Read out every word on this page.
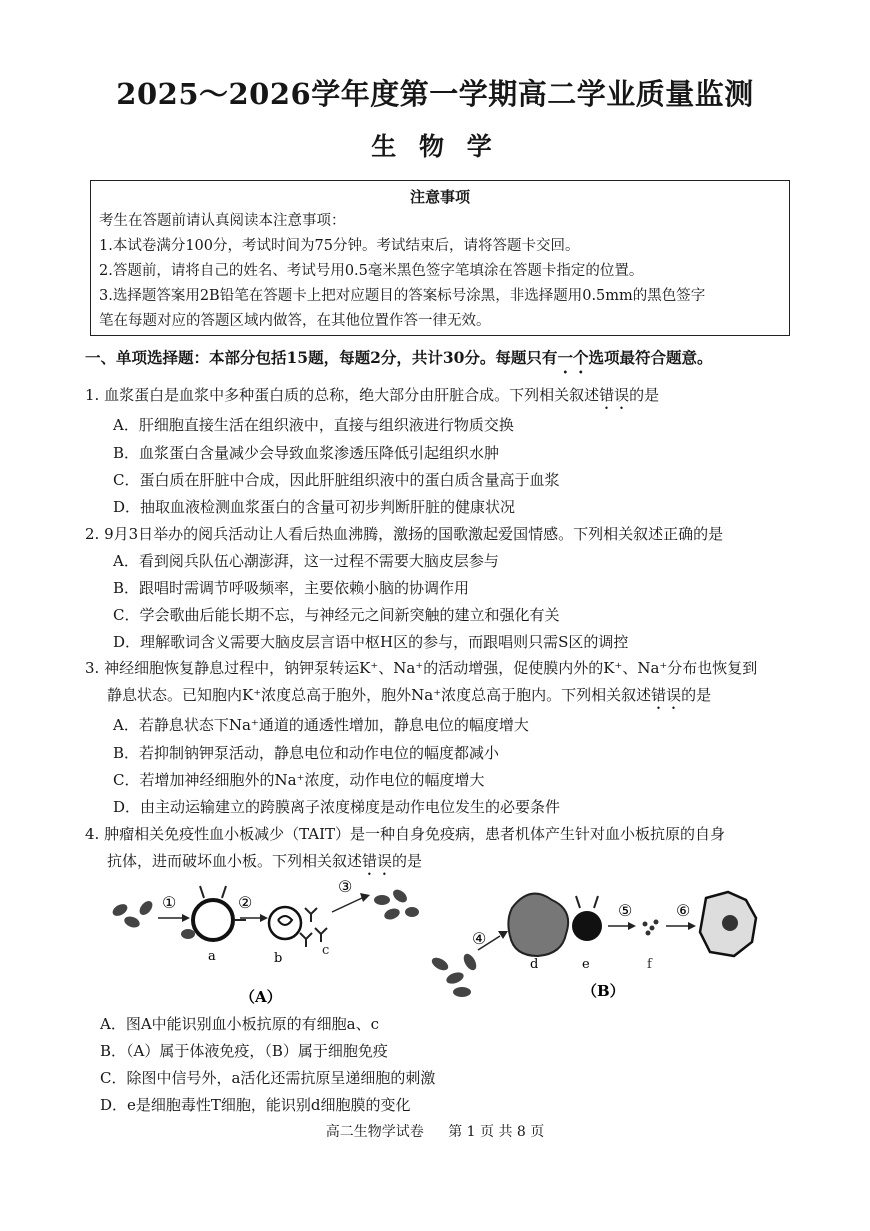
2025～2026学年度第一学期高二学业质量监测
生 物 学
注意事项
考生在答题前请认真阅读本注意事项：
1.本试卷满分100分，考试时间为75分钟。考试结束后，请将答题卡交回。
2.答题前，请将自己的姓名、考试号用0.5毫米黑色签字笔填涂在答题卡指定的位置。
3.选择题答案用2B铅笔在答题卡上把对应题目的答案标号涂黑，非选择题用0.5mm的黑色签字
笔在每题对应的答题区域内做答，在其他位置作答一律无效。
一、单项选择题：本部分包括15题，每题2分，共计30分。每题只有一个选项最符合题意。
1. 血浆蛋白是血浆中多种蛋白质的总称，绝大部分由肝脏合成。下列相关叙述错误的是
A．肝细胞直接生活在组织液中，直接与组织液进行物质交换
B．血浆蛋白含量减少会导致血浆渗透压降低引起组织水肿
C．蛋白质在肝脏中合成，因此肝脏组织液中的蛋白质含量高于血浆
D．抽取血液检测血浆蛋白的含量可初步判断肝脏的健康状况
2. 9月3日举办的阅兵活动让人看后热血沸腾，激扬的国歌激起爱国情感。下列相关叙述正确的是
A．看到阅兵队伍心潮澎湃，这一过程不需要大脑皮层参与
B．跟唱时需调节呼吸频率，主要依赖小脑的协调作用
C．学会歌曲后能长期不忘，与神经元之间新突触的建立和强化有关
D．理解歌词含义需要大脑皮层言语中枢H区的参与，而跟唱则只需S区的调控
3. 神经细胞恢复静息过程中，钠钾泵转运K⁺、Na⁺的活动增强，促使膜内外的K⁺、Na⁺分布也恢复到
静息状态。已知胞内K⁺浓度总高于胞外，胞外Na⁺浓度总高于胞内。下列相关叙述错误的是
A．若静息状态下Na⁺通道的通透性增加，静息电位的幅度增大
B．若抑制钠钾泵活动，静息电位和动作电位的幅度都减小
C．若增加神经细胞外的Na⁺浓度，动作电位的幅度增大
D．由主动运输建立的跨膜离子浓度梯度是动作电位发生的必要条件
4. 肿瘤相关免疫性血小板减少（TAIT）是一种自身免疫病，患者机体产生针对血小板抗原的自身
抗体，进而破坏血小板。下列相关叙述错误的是
①
a
②
b
c
③
（A）
④
d	e
⑤
f
⑥
（B）
A．图A中能识别血小板抗原的有细胞a、c
B．（A）属于体液免疫，（B）属于细胞免疫
C．除图中信号外，a活化还需抗原呈递细胞的刺激
D．e是细胞毒性T细胞，能识别d细胞膜的变化
高二生物学试卷 第 1 页 共 8 页
